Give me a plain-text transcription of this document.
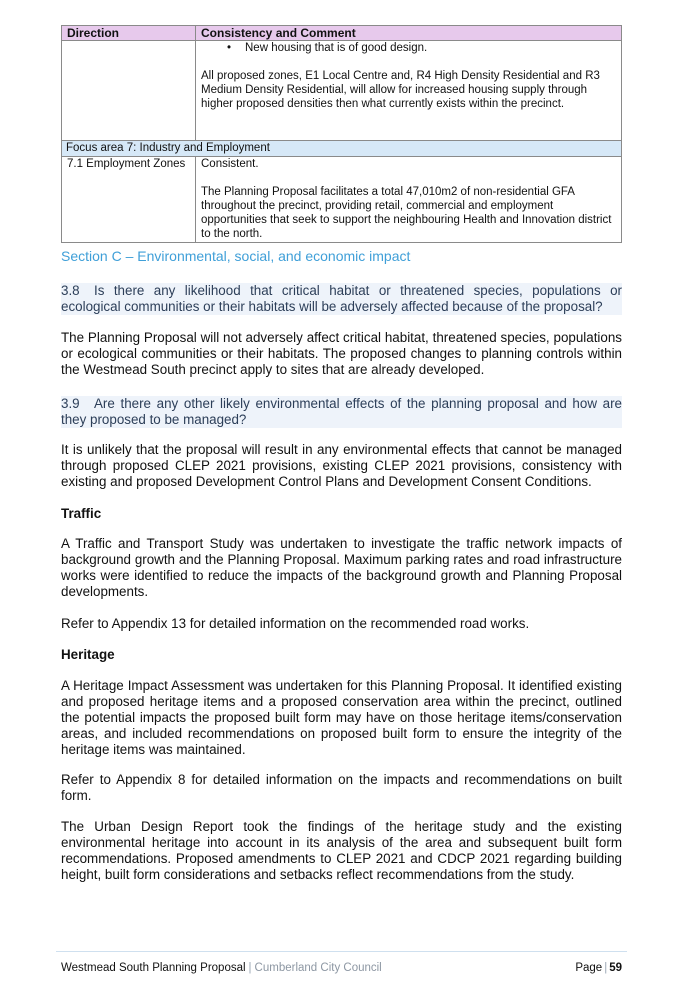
Direction	Consistency and Comment

	• New housing that is of good design.
All proposed zones, E1 Local Centre and, R4 High Density Residential and R3 Medium Density Residential, will allow for increased housing supply through higher proposed densities then what currently exists within the precinct.

Focus area 7: Industry and Employment	
7.1 Employment Zones	Consistent.
The Planning Proposal facilitates a total 47,010m2 of non-residential GFA throughout the precinct, providing retail, commercial and employment opportunities that seek to support the neighbouring Health and Innovation district to the north.
Section C – Environmental, social, and economic impact
3.8 Is there any likelihood that critical habitat or threatened species, populations or ecological communities or their habitats will be adversely affected because of the proposal?
The Planning Proposal will not adversely affect critical habitat, threatened species, populations or ecological communities or their habitats. The proposed changes to planning controls within the Westmead South precinct apply to sites that are already developed.
3.9 Are there any other likely environmental effects of the planning proposal and how are they proposed to be managed?
It is unlikely that the proposal will result in any environmental effects that cannot be managed through proposed CLEP 2021 provisions, existing CLEP 2021 provisions, consistency with existing and proposed Development Control Plans and Development Consent Conditions.
Traffic
A Traffic and Transport Study was undertaken to investigate the traffic network impacts of background growth and the Planning Proposal. Maximum parking rates and road infrastructure works were identified to reduce the impacts of the background growth and Planning Proposal developments.
Refer to Appendix 13 for detailed information on the recommended road works.
Heritage
A Heritage Impact Assessment was undertaken for this Planning Proposal. It identified existing and proposed heritage items and a proposed conservation area within the precinct, outlined the potential impacts the proposed built form may have on those heritage items/conservation areas, and included recommendations on proposed built form to ensure the integrity of the heritage items was maintained.
Refer to Appendix 8 for detailed information on the impacts and recommendations on built form.
The Urban Design Report took the findings of the heritage study and the existing environmental heritage into account in its analysis of the area and subsequent built form recommendations. Proposed amendments to CLEP 2021 and CDCP 2021 regarding building height, built form considerations and setbacks reflect recommendations from the study.
Westmead South Planning Proposal | Cumberland City Council	Page | 59
